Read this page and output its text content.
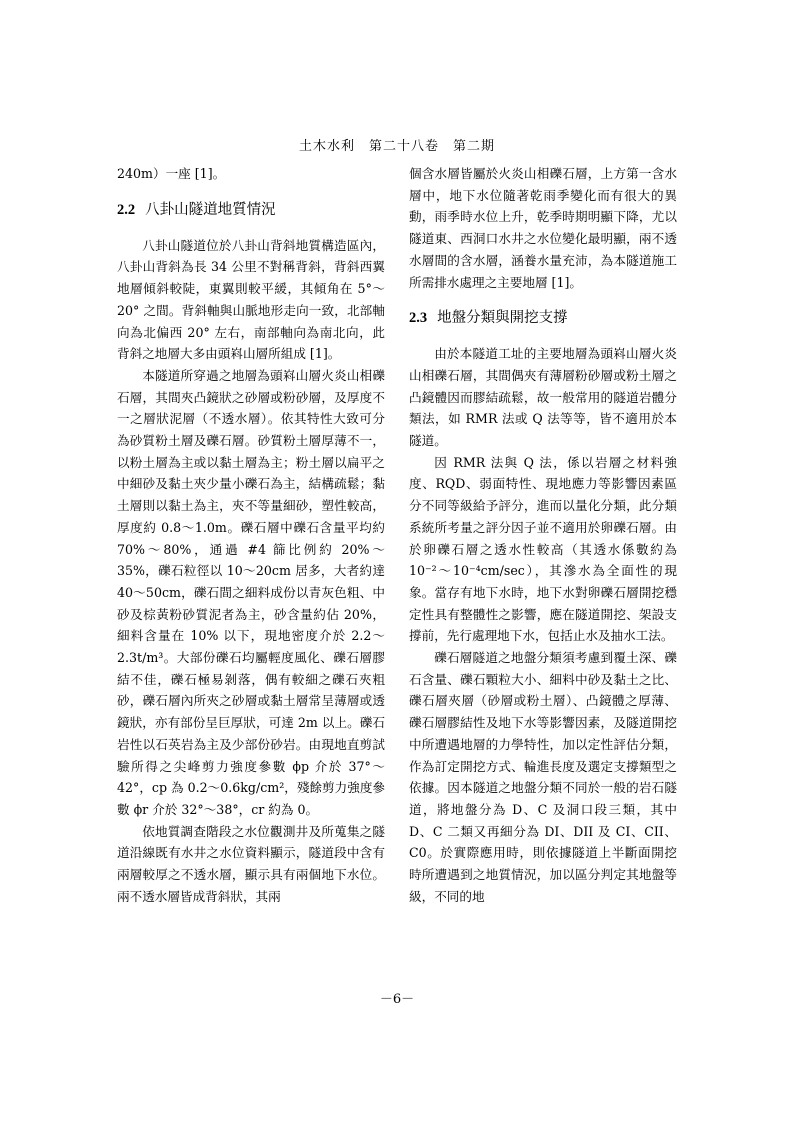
土木水利　第二十八卷　第二期

240m）一座 [1]。

2.2 八卦山隧道地質情況

八卦山隧道位於八卦山背斜地質構造區內，八卦山背斜為長 34 公里不對稱背斜，背斜西翼地層傾斜較陡，東翼則較平緩，其傾角在 5°～20° 之間。背斜軸與山脈地形走向一致，北部軸向為北偏西 20° 左右，南部軸向為南北向，此背斜之地層大多由頭嵙山層所組成 [1]。

本隧道所穿過之地層為頭嵙山層火炎山相礫石層，其間夾凸鏡狀之砂層或粉砂層，及厚度不一之層狀泥層（不透水層）。依其特性大致可分為砂質粉土層及礫石層。砂質粉土層厚薄不一，以粉土層為主或以黏土層為主；粉土層以扁平之中細砂及黏土夾少量小礫石為主，結構疏鬆；黏土層則以黏土為主，夾不等量細砂，塑性較高，厚度約 0.8～1.0m。礫石層中礫石含量平均約 70%～80%，通過 #4 篩比例約 20%～35%，礫石粒徑以 10～20cm 居多，大者約達 40～50cm，礫石間之細料成份以青灰色粗、中砂及棕黃粉砂質泥者為主，砂含量約佔 20%，細料含量在 10% 以下，現地密度介於 2.2～2.3t/m³。大部份礫石均屬輕度風化、礫石層膠結不佳，礫石極易剝落，偶有較細之礫石夾粗砂，礫石層內所夾之砂層或黏土層常呈薄層或透鏡狀，亦有部份呈巨厚狀，可達 2m 以上。礫石岩性以石英岩為主及少部份砂岩。由現地直剪試驗所得之尖峰剪力強度參數 ϕp 介於 37°～42°，cp 為 0.2～0.6kg/cm²，殘餘剪力強度參數 ϕr 介於 32°～38°，cr 約為 0。

依地質調查階段之水位觀測井及所蒐集之隧道沿線既有水井之水位資料顯示，隧道段中含有兩層較厚之不透水層，顯示具有兩個地下水位。兩不透水層皆成背斜狀，其兩

個含水層皆屬於火炎山相礫石層，上方第一含水層中，地下水位隨著乾雨季變化而有很大的異動，雨季時水位上升，乾季時期明顯下降，尤以隧道東、西洞口水井之水位變化最明顯，兩不透水層間的含水層，涵養水量充沛，為本隧道施工所需排水處理之主要地層 [1]。

2.3 地盤分類與開挖支撐

由於本隧道工址的主要地層為頭嵙山層火炎山相礫石層，其間偶夾有薄層粉砂層或粉土層之凸鏡體因而膠結疏鬆，故一般常用的隧道岩體分類法，如 RMR 法或 Q 法等等，皆不適用於本隧道。

因 RMR 法與 Q 法，係以岩層之材料強度、RQD、弱面特性、現地應力等影響因素區分不同等級給予評分，進而以量化分類，此分類系統所考量之評分因子並不適用於卵礫石層。由於卵礫石層之透水性較高（其透水係數約為 10⁻²～10⁻⁴cm/sec），其滲水為全面性的現象。當存有地下水時，地下水對卵礫石層開挖穩定性具有整體性之影響，應在隧道開挖、架設支撐前，先行處理地下水，包括止水及抽水工法。

礫石層隧道之地盤分類須考慮到覆土深、礫石含量、礫石顆粒大小、細料中砂及黏土之比、礫石層夾層（砂層或粉土層）、凸鏡體之厚薄、礫石層膠結性及地下水等影響因素，及隧道開挖中所遭遇地層的力學特性，加以定性評估分類，作為訂定開挖方式、輪進長度及選定支撐類型之依據。因本隧道之地盤分類不同於一般的岩石隧道，將地盤分為 D、C 及洞口段三類，其中 D、C 二類又再細分為 DI、DII 及 CI、CII、C0。於實際應用時，則依據隧道上半斷面開挖時所遭遇到之地質情況，加以區分判定其地盤等級，不同的地

－6－
